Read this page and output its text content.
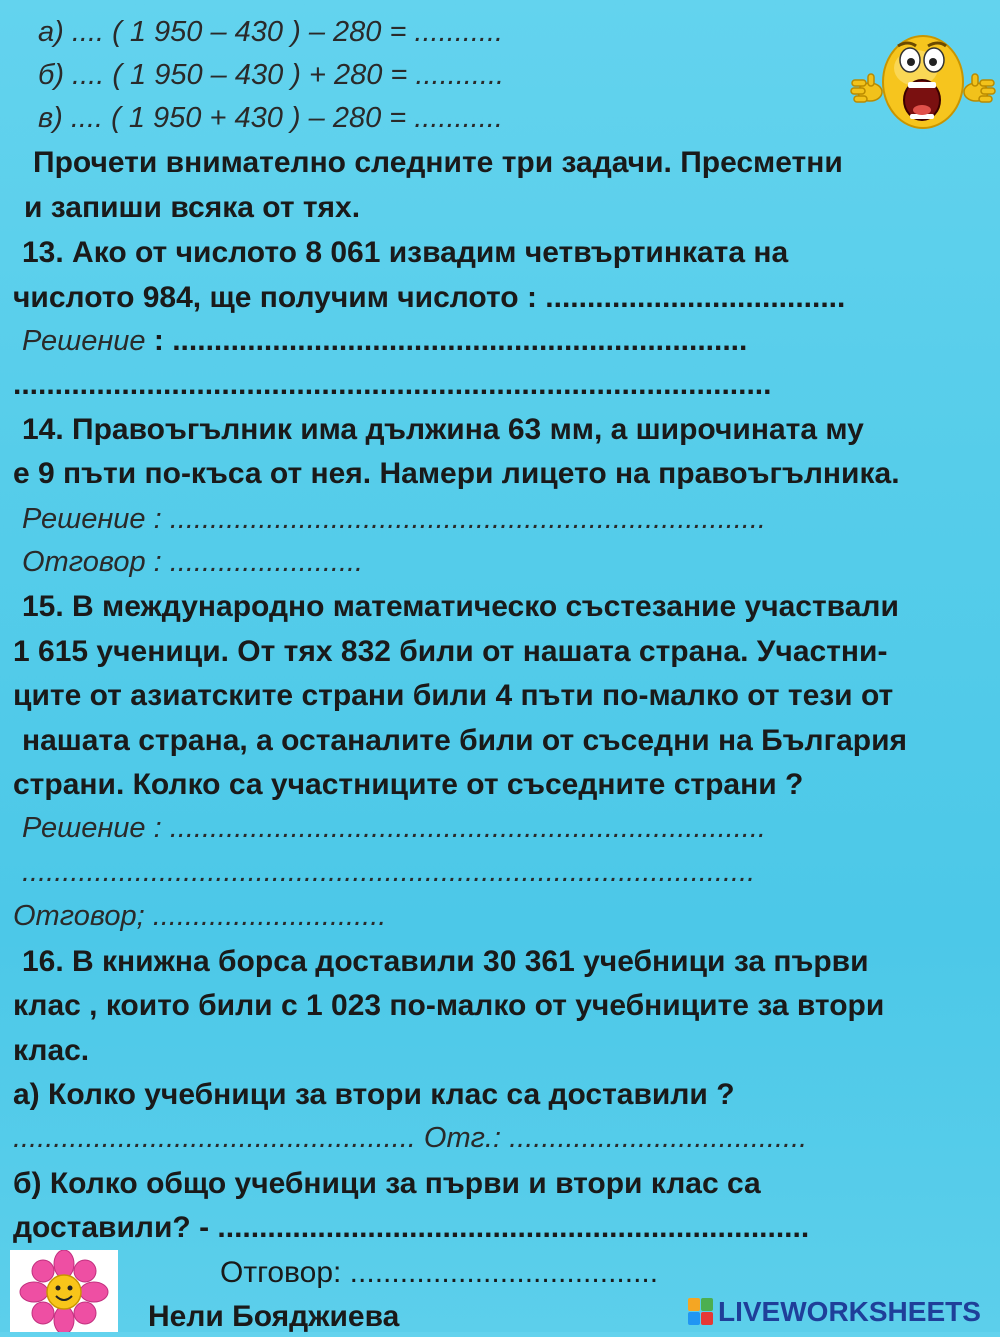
а) .... ( 1 950 – 430 ) – 280 = ...........
б) .... ( 1 950 – 430 ) + 280 = ...........
в) .... ( 1 950 + 430 ) – 280 = ...........
Прочети внимателно следните три задачи. Пресметни
и запиши всяка от тях.
13. Ако от числото 8 061 извадим четвъртинката на
числото 984, ще получим числото : ....................................
Решение : .....................................................................
...........................................................................................
14. Правоъгълник има дължина 63 мм, а широчината му
е 9 пъти по-къса от нея. Намери лицето на правоъгълника.
Решение : ..........................................................................
Отговор : ........................
15. В международно математическо състезание участвали
1 615 ученици. От тях 832 били от нашата страна. Участни-
ците от азиатските страни били 4 пъти по-малко от тези от
нашата страна, а останалите били от съседни на България
страни. Колко са участниците от съседните страни ?
Решение : ..........................................................................
...........................................................................................
Отговор; .............................
16. В книжна борса доставили 30 361 учебници за първи
клас , които били с 1 023 по-малко от учебниците за втори
клас.
а) Колко учебници за втори клас са доставили ?
.................................................. Отг.: .....................................
б) Колко общо учебници за първи и втори клас са
доставили? - .......................................................................
Отговор: .....................................
Нели Бояджиева	LIVEWORKSHEETS
